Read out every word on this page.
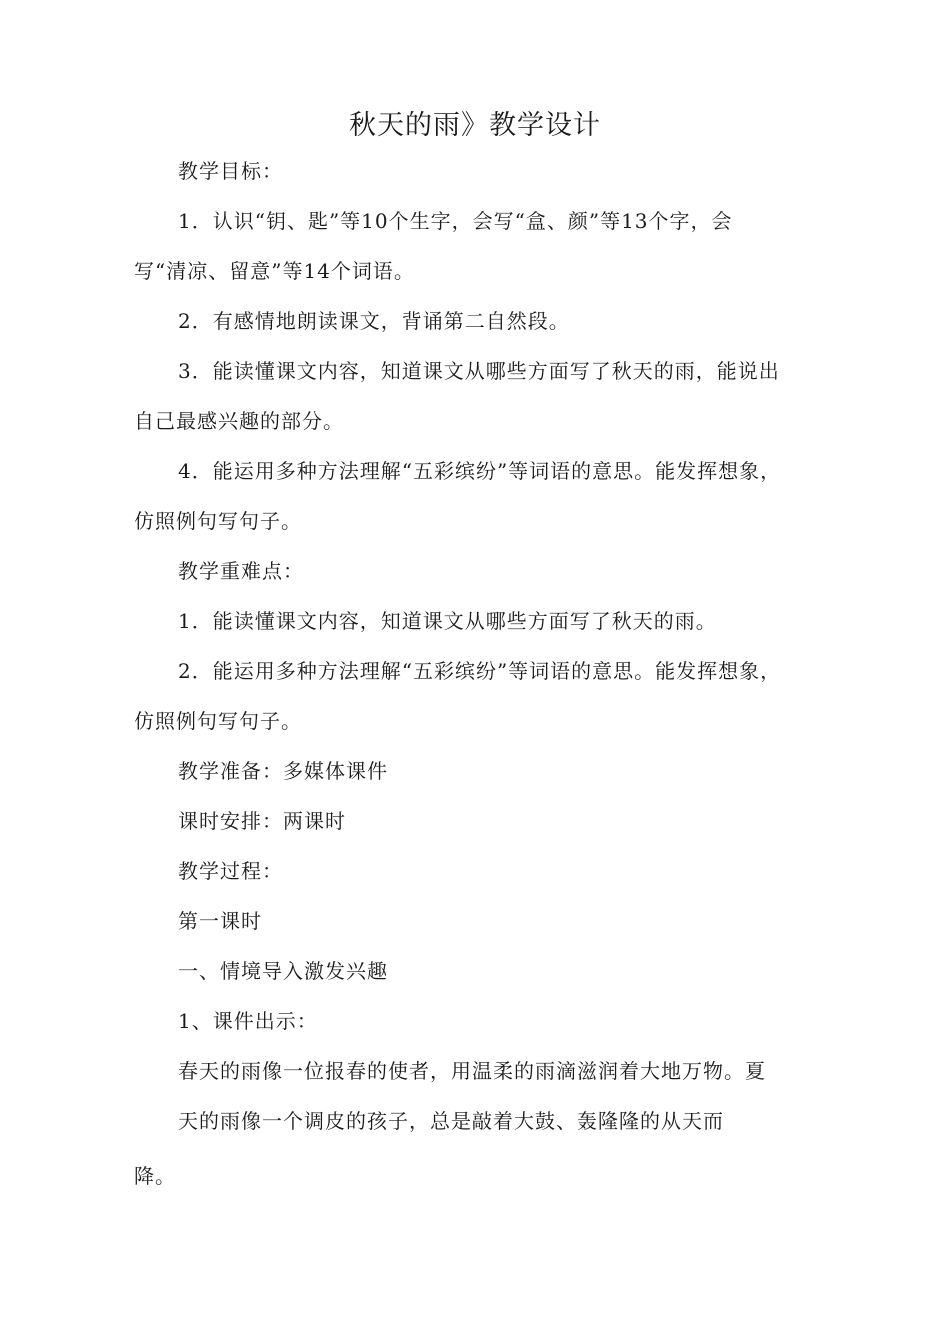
秋天的雨》教学设计
教学目标：
1．认识“钥、匙”等10个生字，会写“盒、颜”等13个字，会
写“清凉、留意”等14个词语。
2．有感情地朗读课文，背诵第二自然段。
3．能读懂课文内容，知道课文从哪些方面写了秋天的雨，能说出
自己最感兴趣的部分。
4．能运用多种方法理解“五彩缤纷”等词语的意思。能发挥想象，
仿照例句写句子。
教学重难点：
1．能读懂课文内容，知道课文从哪些方面写了秋天的雨。
2．能运用多种方法理解“五彩缤纷”等词语的意思。能发挥想象，
仿照例句写句子。
教学准备：多媒体课件
课时安排：两课时
教学过程：
第一课时
一、情境导入激发兴趣
1、课件出示：
春天的雨像一位报春的使者，用温柔的雨滴滋润着大地万物。夏
天的雨像一个调皮的孩子，总是敲着大鼓、轰隆隆的从天而
降。
